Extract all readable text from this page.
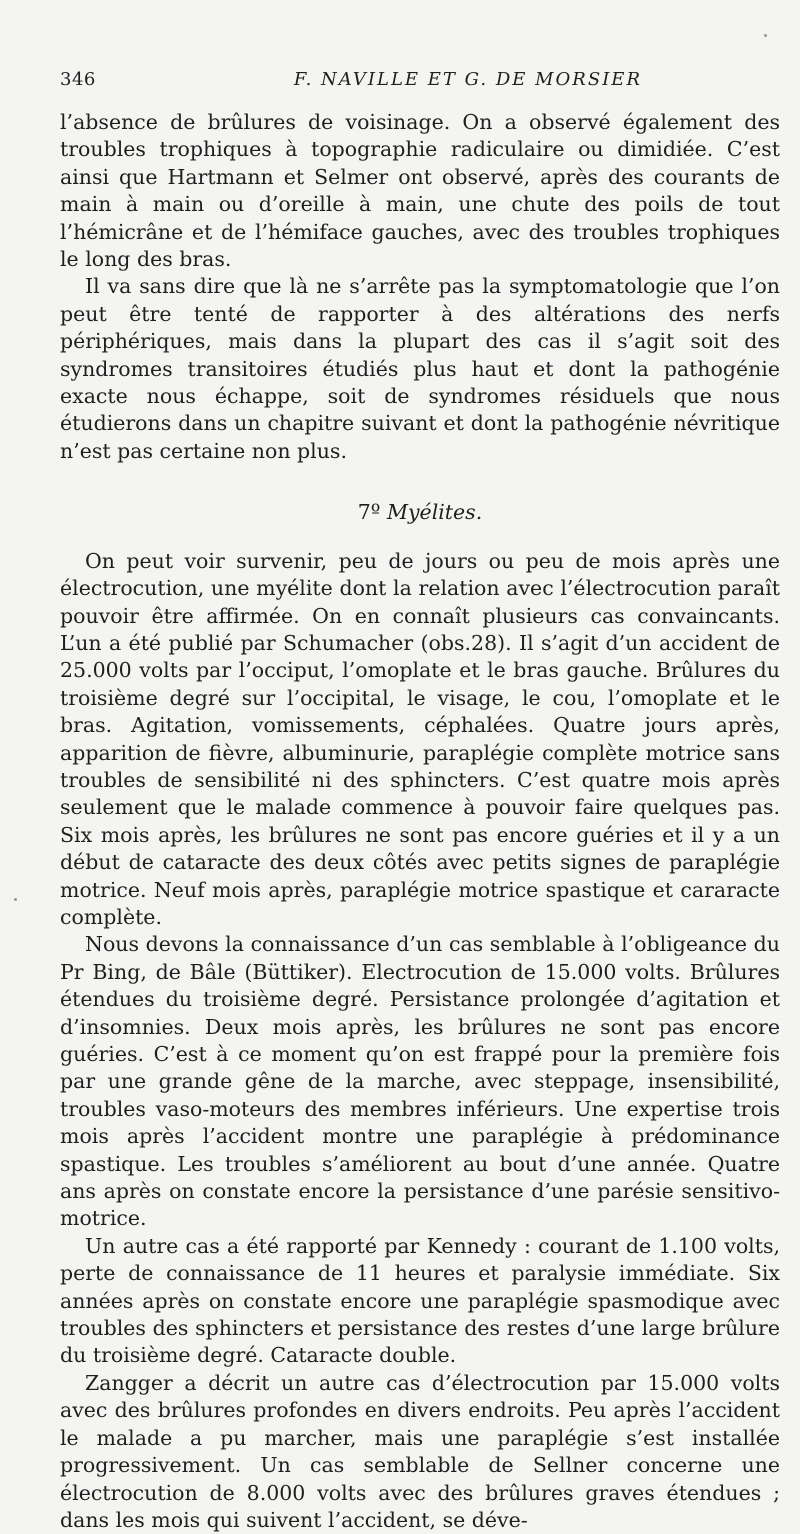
346	F. NAVILLE ET G. DE MORSIER

l’absence de brûlures de voisinage. On a observé également des troubles trophiques à topographie radiculaire ou dimidiée. C’est ainsi que Hartmann et Selmer ont observé, après des courants de main à main ou d’oreille à main, une chute des poils de tout l’hémicrâne et de l’hémiface gauches, avec des troubles trophiques le long des bras.

Il va sans dire que là ne s’arrête pas la symptomatologie que l’on peut être tenté de rapporter à des altérations des nerfs périphériques, mais dans la plupart des cas il s’agit soit des syndromes transitoires étudiés plus haut et dont la pathogénie exacte nous échappe, soit de syndromes résiduels que nous étudierons dans un chapitre suivant et dont la pathogénie névritique n’est pas certaine non plus.

7º Myélites.

On peut voir survenir, peu de jours ou peu de mois après une électrocution, une myélite dont la relation avec l’électrocution paraît pouvoir être affirmée. On en connaît plusieurs cas convaincants. L’un a été publié par Schumacher (obs.28). Il s’agit d’un accident de 25.000 volts par l’occiput, l’omoplate et le bras gauche. Brûlures du troisième degré sur l’occipital, le visage, le cou, l’omoplate et le bras. Agitation, vomissements, céphalées. Quatre jours après, apparition de fièvre, albuminurie, paraplégie complète motrice sans troubles de sensibilité ni des sphincters. C’est quatre mois après seulement que le malade commence à pouvoir faire quelques pas. Six mois après, les brûlures ne sont pas encore guéries et il y a un début de cataracte des deux côtés avec petits signes de paraplégie motrice. Neuf mois après, paraplégie motrice spastique et cararacte complète.

Nous devons la connaissance d’un cas semblable à l’obligeance du Pr Bing, de Bâle (Büttiker). Electrocution de 15.000 volts. Brûlures étendues du troisième degré. Persistance prolongée d’agitation et d’insomnies. Deux mois après, les brûlures ne sont pas encore guéries. C’est à ce moment qu’on est frappé pour la première fois par une grande gêne de la marche, avec steppage, insensibilité, troubles vaso-moteurs des membres inférieurs. Une expertise trois mois après l’accident montre une paraplégie à prédominance spastique. Les troubles s’améliorent au bout d’une année. Quatre ans après on constate encore la persistance d’une parésie sensitivo-motrice.

Un autre cas a été rapporté par Kennedy : courant de 1.100 volts, perte de connaissance de 11 heures et paralysie immédiate. Six années après on constate encore une paraplégie spasmodique avec troubles des sphincters et persistance des restes d’une large brûlure du troisième degré. Cataracte double.

Zangger a décrit un autre cas d’électrocution par 15.000 volts avec des brûlures profondes en divers endroits. Peu après l’accident le malade a pu marcher, mais une paraplégie s’est installée progressivement. Un cas semblable de Sellner concerne une électrocution de 8.000 volts avec des brûlures graves étendues ; dans les mois qui suivent l’accident, se déve-
